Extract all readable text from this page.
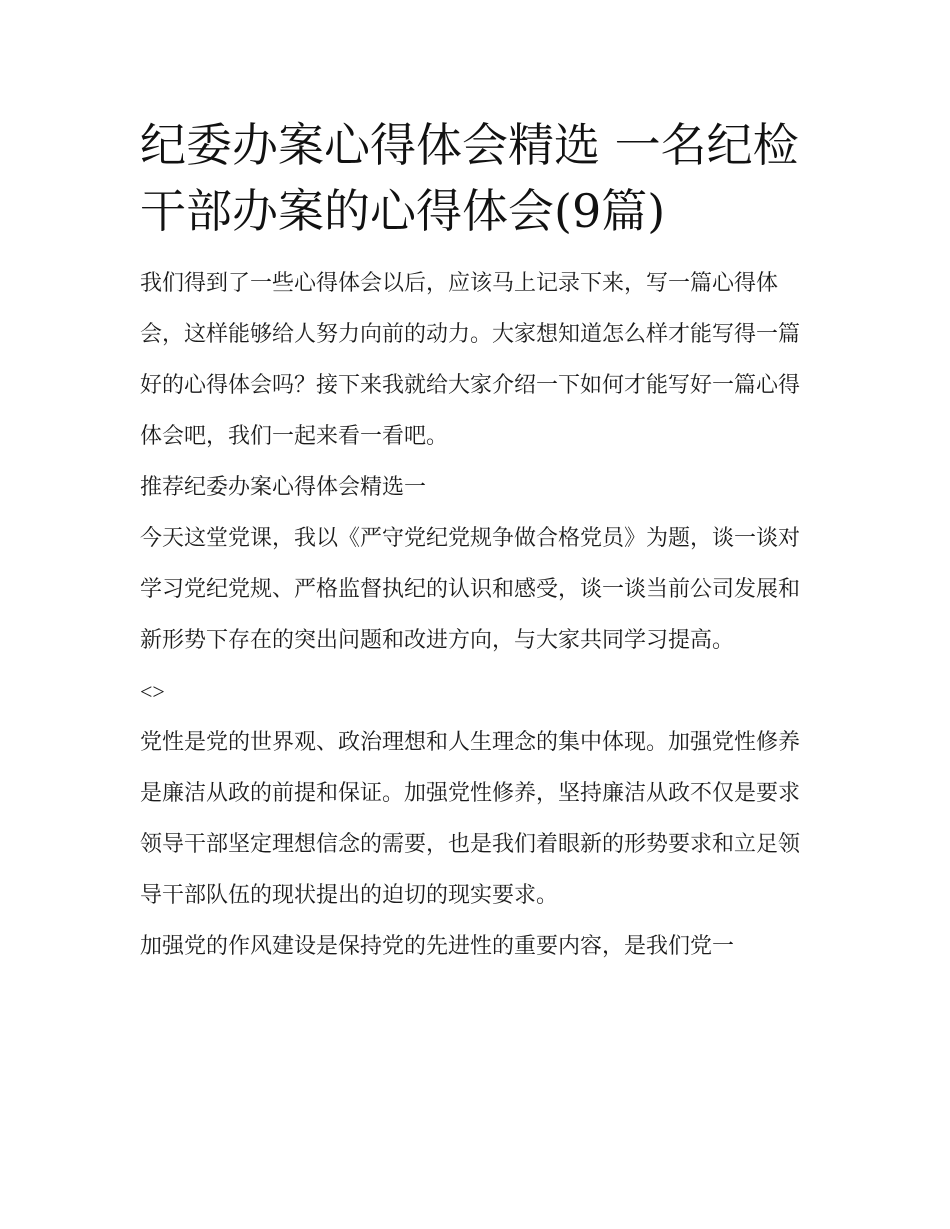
纪委办案心得体会精选 一名纪检干部办案的心得体会(9篇)

我们得到了一些心得体会以后，应该马上记录下来，写一篇心得体会，这样能够给人努力向前的动力。大家想知道怎么样才能写得一篇好的心得体会吗？接下来我就给大家介绍一下如何才能写好一篇心得体会吧，我们一起来看一看吧。

推荐纪委办案心得体会精选一

今天这堂党课，我以《严守党纪党规争做合格党员》为题，谈一谈对学习党纪党规、严格监督执纪的认识和感受，谈一谈当前公司发展和新形势下存在的突出问题和改进方向，与大家共同学习提高。

<>

党性是党的世界观、政治理想和人生理念的集中体现。加强党性修养是廉洁从政的前提和保证。加强党性修养，坚持廉洁从政不仅是要求领导干部坚定理想信念的需要，也是我们着眼新的形势要求和立足领导干部队伍的现状提出的迫切的现实要求。

加强党的作风建设是保持党的先进性的重要内容，是我们党一
